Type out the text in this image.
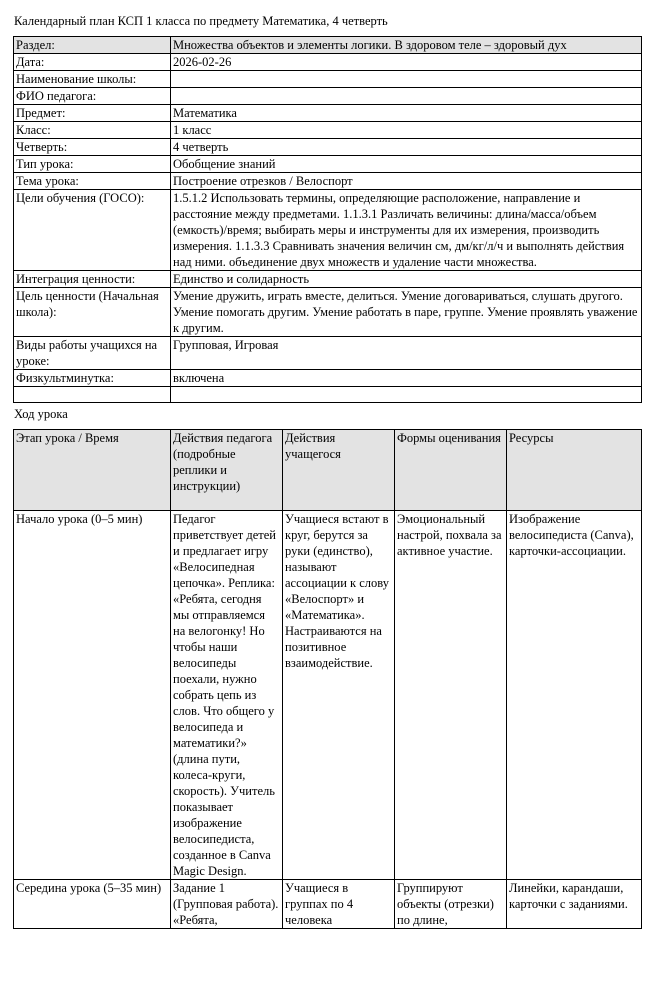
Календарный план КСП 1 класса по предмету Математика, 4 четверть
Раздел:	Множества объектов и элементы логики. В здоровом теле – здоровый дух
Дата:	2026-02-26
Наименование школы:	
ФИО педагога:	
Предмет:	Математика
Класс:	1 класс
Четверть:	4 четверть
Тип урока:	Обобщение знаний
Тема урока:	Построение отрезков / Велоспорт
Цели обучения (ГОСО):	1.5.1.2 Использовать термины, определяющие расположение, направление и расстояние между предметами. 1.1.3.1 Различать величины: длина/масса/объем (емкость)/время; выбирать меры и инструменты для их измерения, производить измерения. 1.1.3.3 Сравнивать значения величин см, дм/кг/л/ч и выполнять действия над ними. объединение двух множеств и удаление части множества.
Интеграция ценности:	Единство и солидарность
Цель ценности (Начальная школа):	Умение дружить, играть вместе, делиться. Умение договариваться, слушать другого. Умение помогать другим. Умение работать в паре, группе. Умение проявлять уважение к другим.
Виды работы учащихся на уроке:	Групповая, Игровая
Физкультминутка:	включена

Ход урока
Этап урока / Время	Действия педагога (подробные реплики и инструкции)	Действия учащегося	Формы оценивания	Ресурсы
Начало урока (0–5 мин)	Педагог приветствует детей и предлагает игру «Велосипедная цепочка». Реплика: «Ребята, сегодня мы отправляемся на велогонку! Но чтобы наши велосипеды поехали, нужно собрать цепь из слов. Что общего у велосипеда и математики?» (длина пути, колеса-круги, скорость). Учитель показывает изображение велосипедиста, созданное в Canva Magic Design.	Учащиеся встают в круг, берутся за руки (единство), называют ассоциации к слову «Велоспорт» и «Математика». Настраиваются на позитивное взаимодействие.	Эмоциональный настрой, похвала за активное участие.	Изображение велосипедиста (Canva), карточки-ассоциации.
Середина урока (5–35 мин)	Задание 1 (Групповая работа). «Ребята,	Учащиеся в группах по 4 человека	Группируют объекты (отрезки) по длине,	Линейки, карандаши, карточки с заданиями.
